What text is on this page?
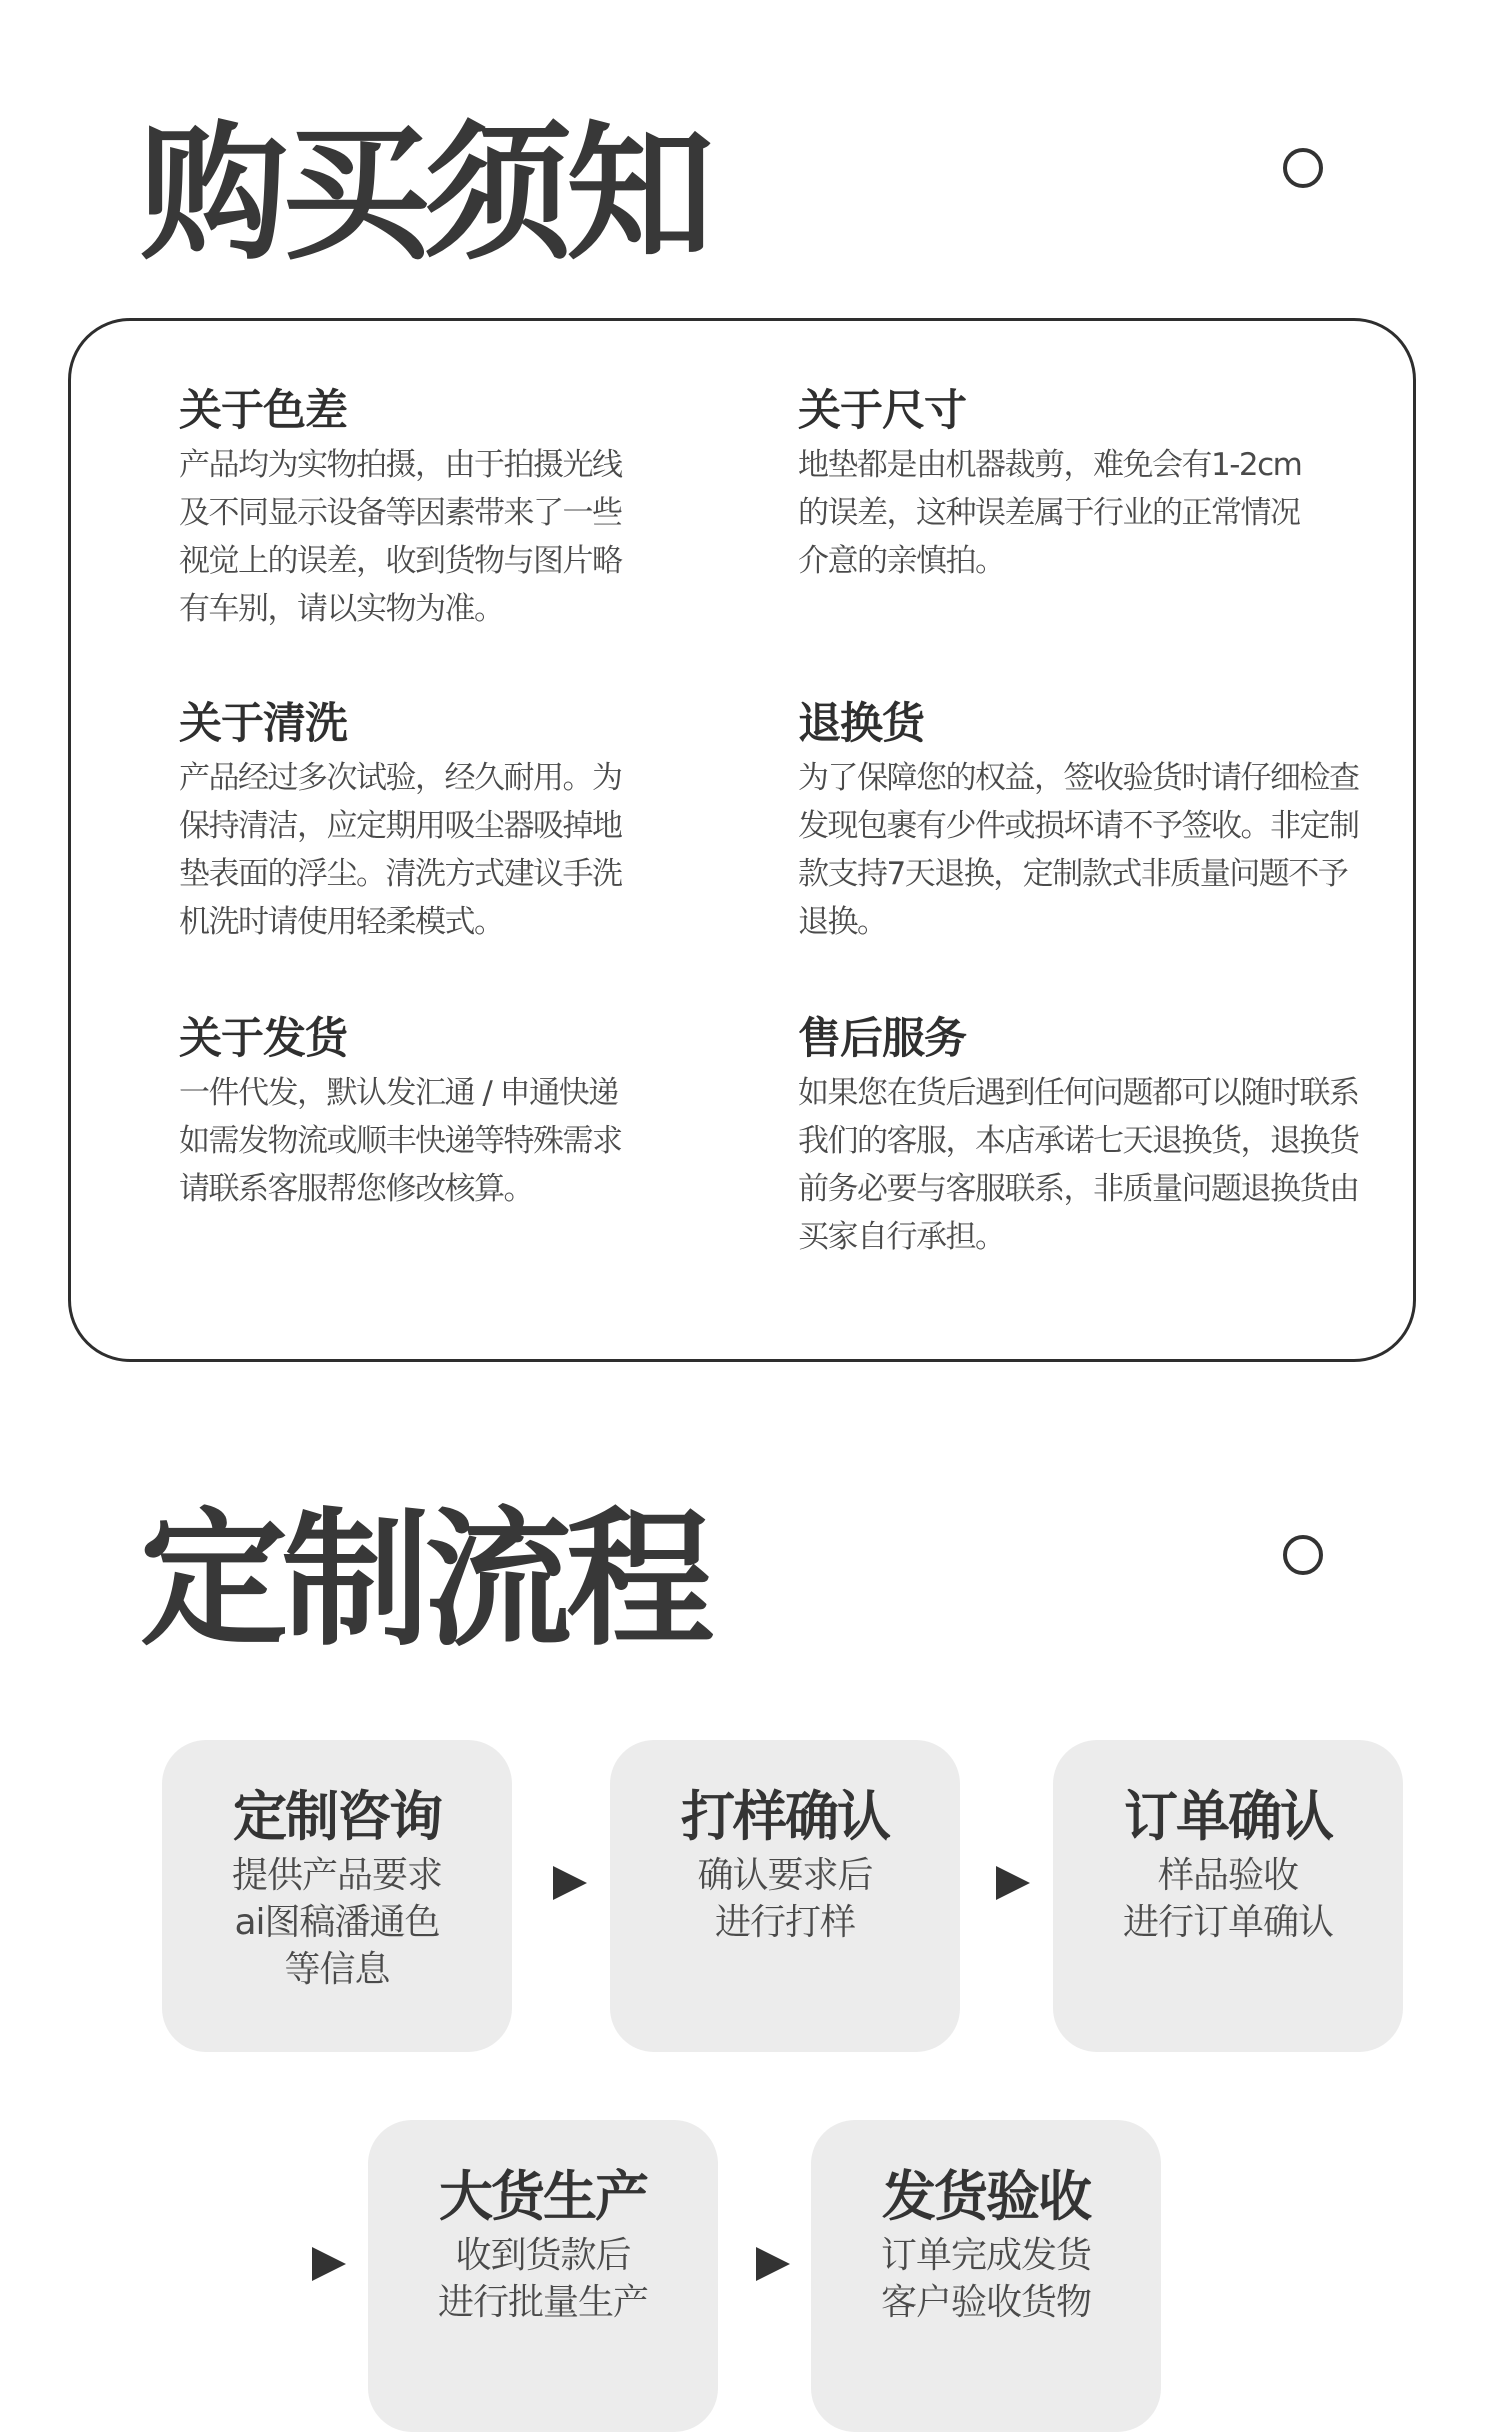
购买须知

关于色差

产品均为实物拍摄，由于拍摄光线
及不同显示设备等因素带来了一些
视觉上的误差，收到货物与图片略
有车别，请以实物为准。

关于尺寸

地垫都是由机器裁剪，难免会有1-2cm
的误差，这种误差属于行业的正常情况
介意的亲慎拍。

关于清洗

产品经过多次试验，经久耐用。为
保持清洁，应定期用吸尘器吸掉地
垫表面的浮尘。清洗方式建议手洗
机洗时请使用轻柔模式。

退换货

为了保障您的权益，签收验货时请仔细检查
发现包裹有少件或损坏请不予签收。非定制
款支持7天退换，定制款式非质量问题不予
退换。

关于发货

一件代发，默认发汇通 / 申通快递
如需发物流或顺丰快递等特殊需求
请联系客服帮您修改核算。

售后服务

如果您在货后遇到任何问题都可以随时联系
我们的客服，本店承诺七天退换货，退换货
前务必要与客服联系，非质量问题退换货由
买家自行承担。

定制流程
定制咨询
提供产品要求
ai图稿潘通色
等信息
打样确认
确认要求后
进行打样
订单确认
样品验收
进行订单确认
大货生产
收到货款后
进行批量生产
发货验收
订单完成发货
客户验收货物
